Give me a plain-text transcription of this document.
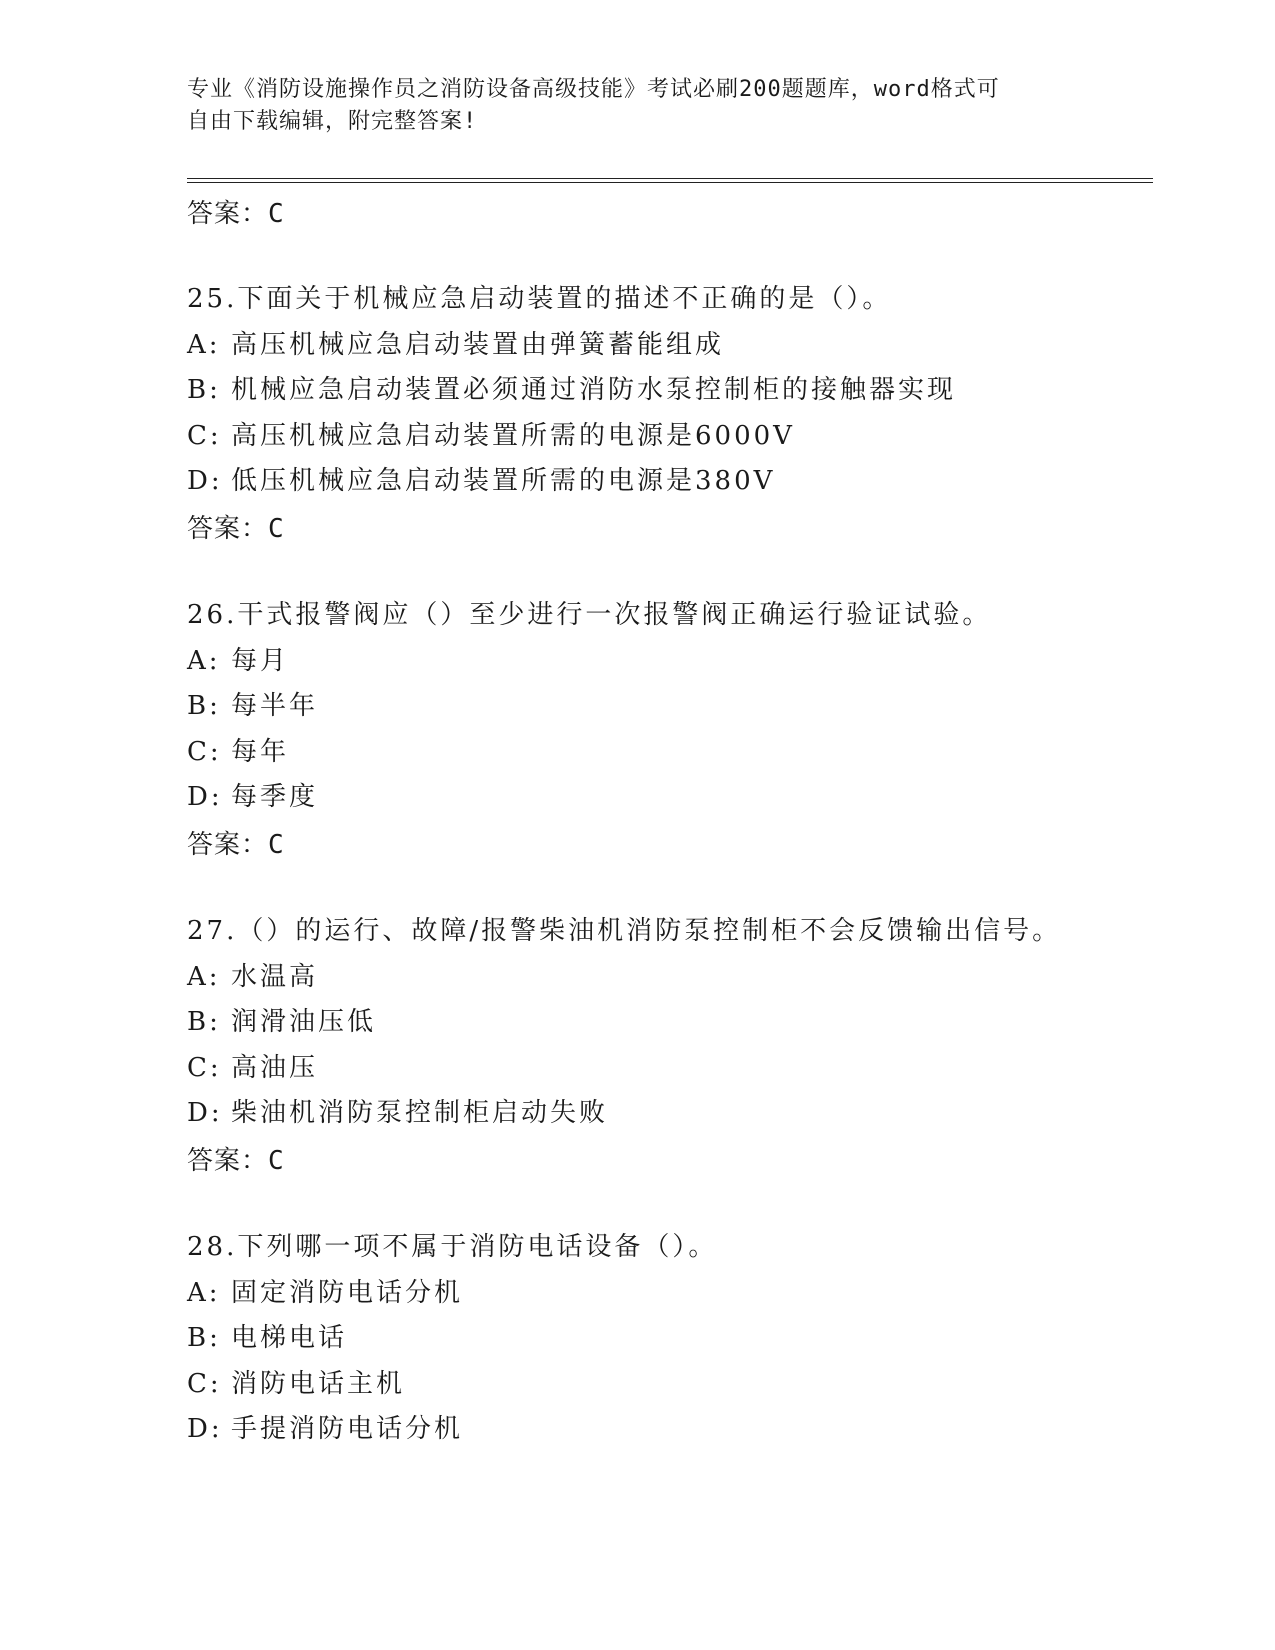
专业《消防设施操作员之消防设备高级技能》考试必刷200题题库，word格式可
自由下载编辑，附完整答案!
答案：C
25.下面关于机械应急启动装置的描述不正确的是（）。
A: 高压机械应急启动装置由弹簧蓄能组成
B: 机械应急启动装置必须通过消防水泵控制柜的接触器实现
C: 高压机械应急启动装置所需的电源是6000V
D: 低压机械应急启动装置所需的电源是380V
答案：C
26.干式报警阀应（）至少进行一次报警阀正确运行验证试验。
A: 每月
B: 每半年
C: 每年
D: 每季度
答案：C
27.（）的运行、故障/报警柴油机消防泵控制柜不会反馈输出信号。
A: 水温高
B: 润滑油压低
C: 高油压
D: 柴油机消防泵控制柜启动失败
答案：C
28.下列哪一项不属于消防电话设备（）。
A: 固定消防电话分机
B: 电梯电话
C: 消防电话主机
D: 手提消防电话分机
